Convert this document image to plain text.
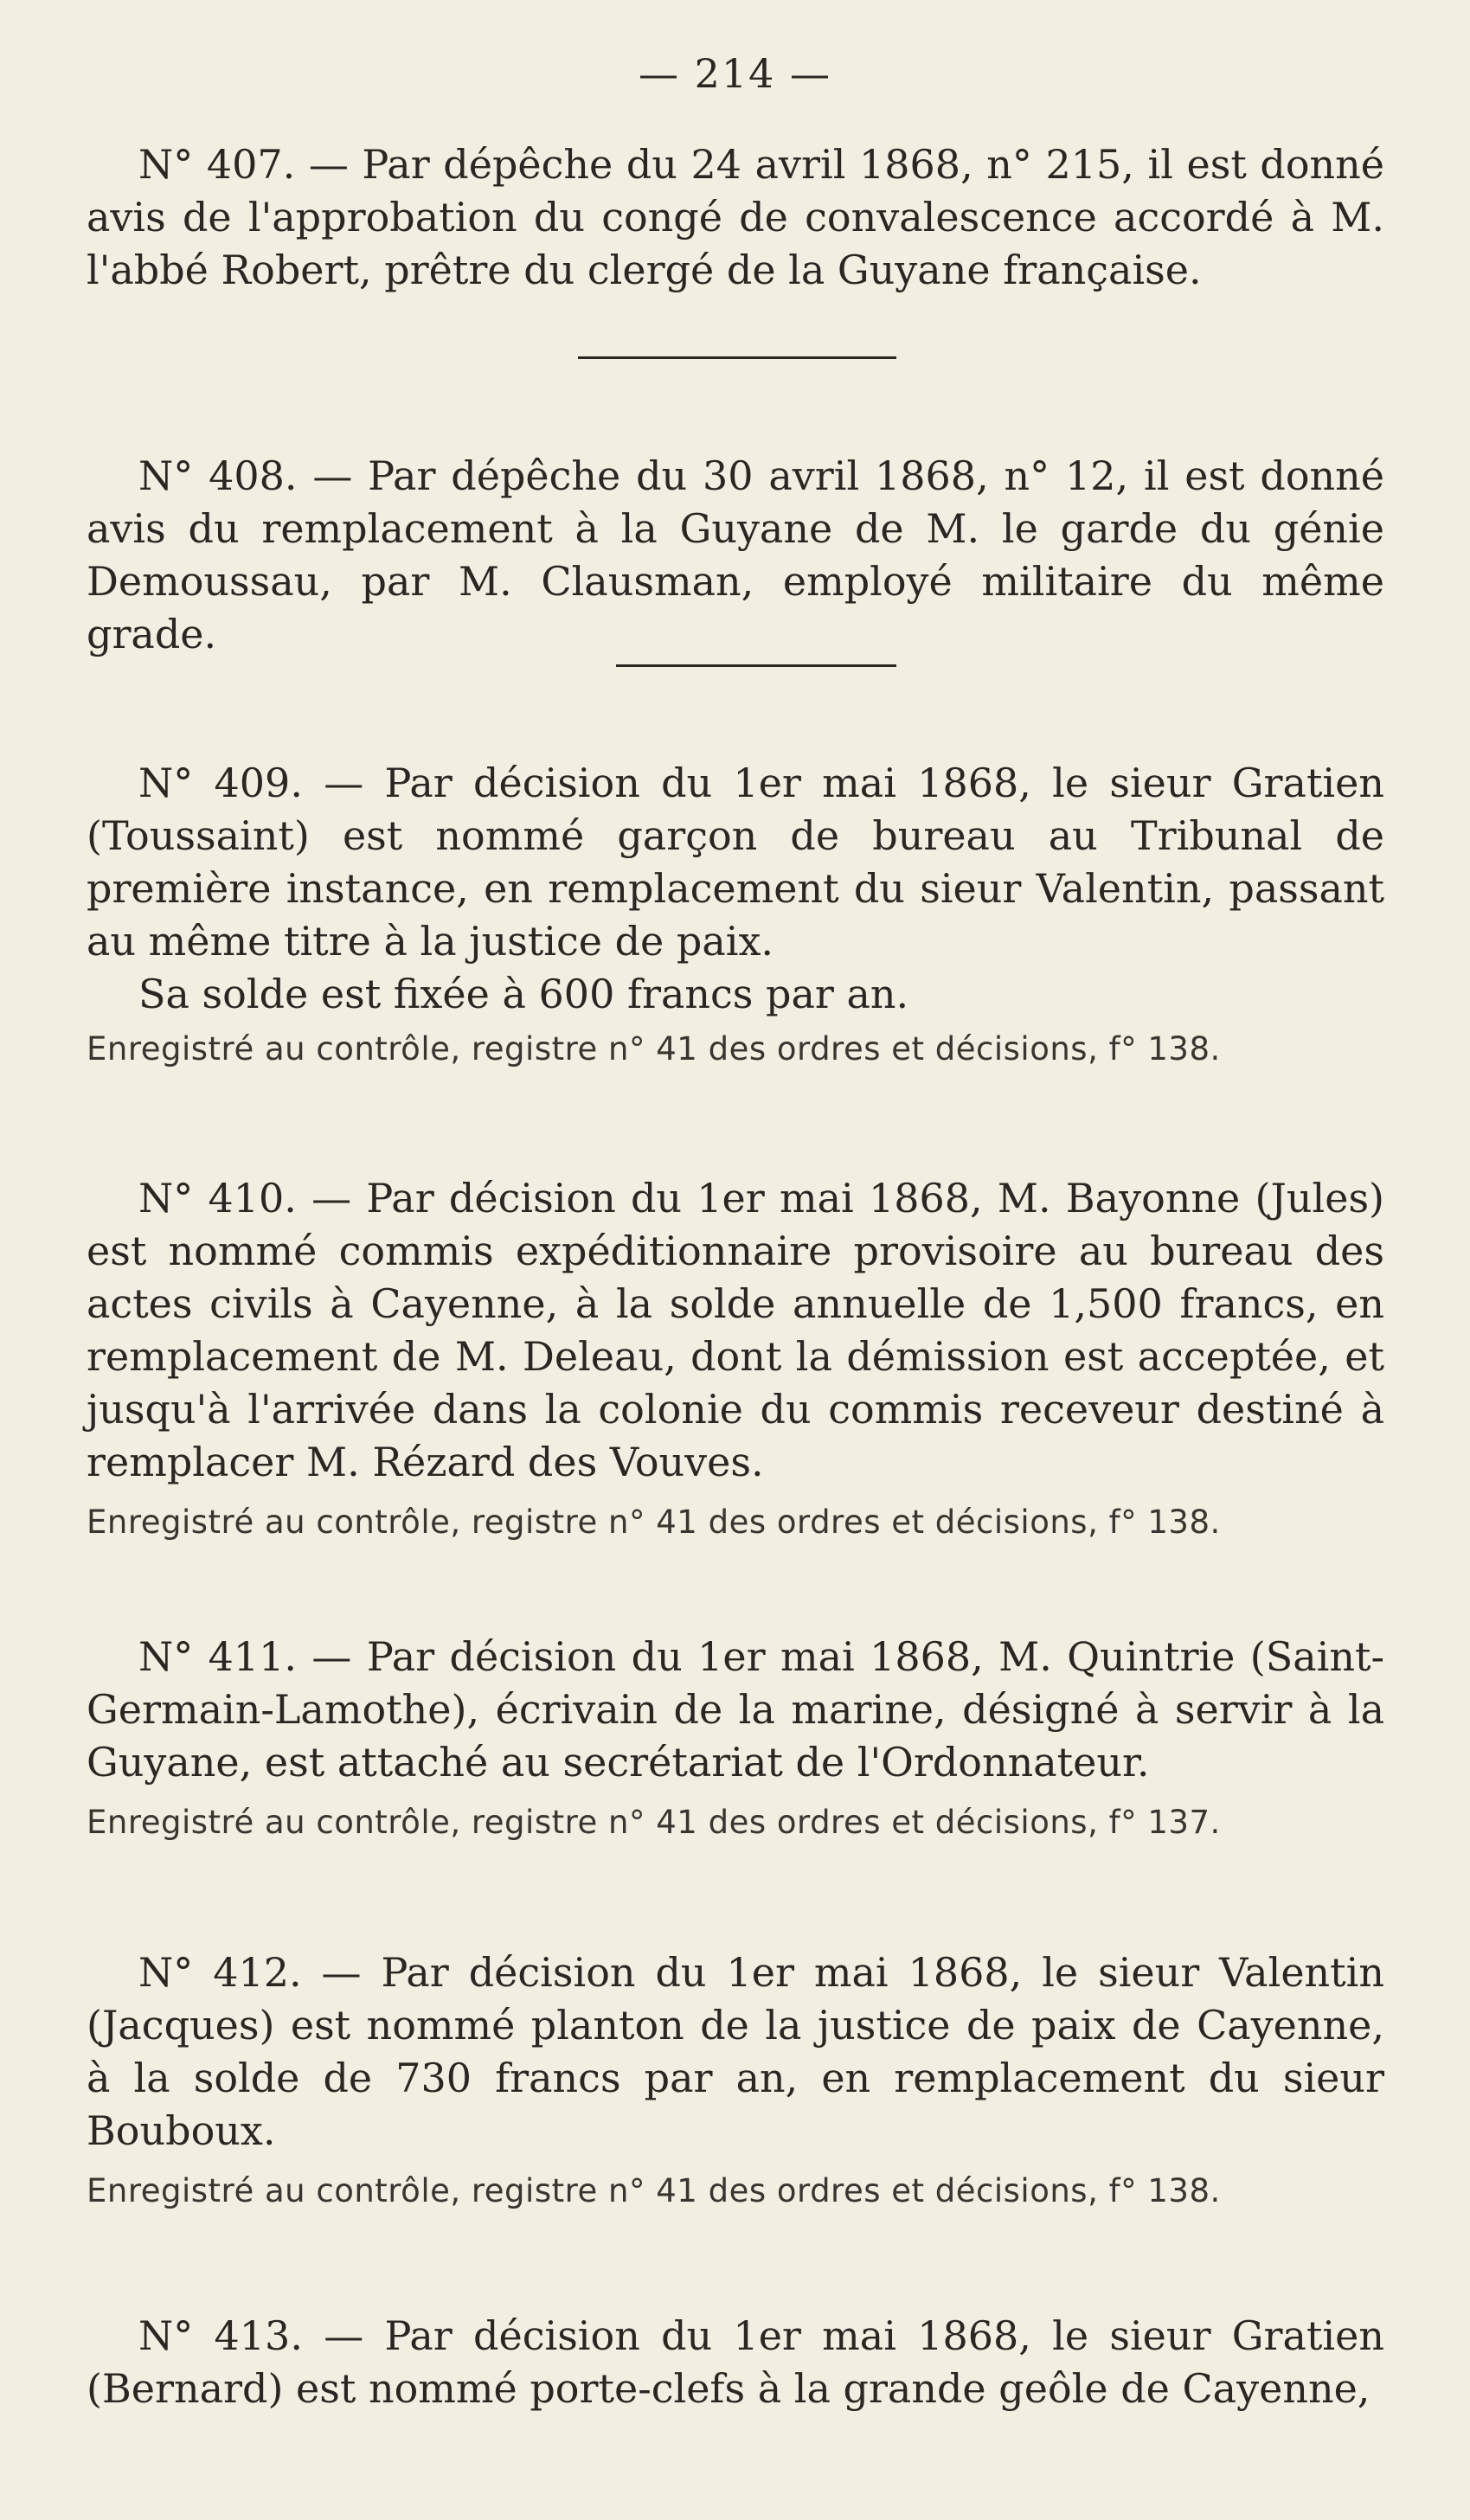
— 214 —

N° 407. — Par dépêche du 24 avril 1868, n° 215, il est donné avis de l'approbation du congé de convalescence accordé à M. l'abbé Robert, prêtre du clergé de la Guyane française.

N° 408. — Par dépêche du 30 avril 1868, n° 12, il est donné avis du remplacement à la Guyane de M. le garde du génie Demoussau, par M. Clausman, employé militaire du même grade.

N° 409. — Par décision du 1er mai 1868, le sieur Gratien (Toussaint) est nommé garçon de bureau au Tribunal de première instance, en remplacement du sieur Valentin, passant au même titre à la justice de paix.

Sa solde est fixée à 600 francs par an.

Enregistré au contrôle, registre n° 41 des ordres et décisions, f° 138.

N° 410. — Par décision du 1er mai 1868, M. Bayonne (Jules) est nommé commis expéditionnaire provisoire au bureau des actes civils à Cayenne, à la solde annuelle de 1,500 francs, en remplacement de M. Deleau, dont la démission est acceptée, et jusqu'à l'arrivée dans la colonie du commis receveur destiné à remplacer M. Rézard des Vouves.

Enregistré au contrôle, registre n° 41 des ordres et décisions, f° 138.

N° 411. — Par décision du 1er mai 1868, M. Quintrie (Saint-Germain-Lamothe), écrivain de la marine, désigné à servir à la Guyane, est attaché au secrétariat de l'Ordonnateur.

Enregistré au contrôle, registre n° 41 des ordres et décisions, f° 137.

N° 412. — Par décision du 1er mai 1868, le sieur Valentin (Jacques) est nommé planton de la justice de paix de Cayenne, à la solde de 730 francs par an, en remplacement du sieur Bouboux.

Enregistré au contrôle, registre n° 41 des ordres et décisions, f° 138.

N° 413. — Par décision du 1er mai 1868, le sieur Gratien (Bernard) est nommé porte-clefs à la grande geôle de Cayenne,
